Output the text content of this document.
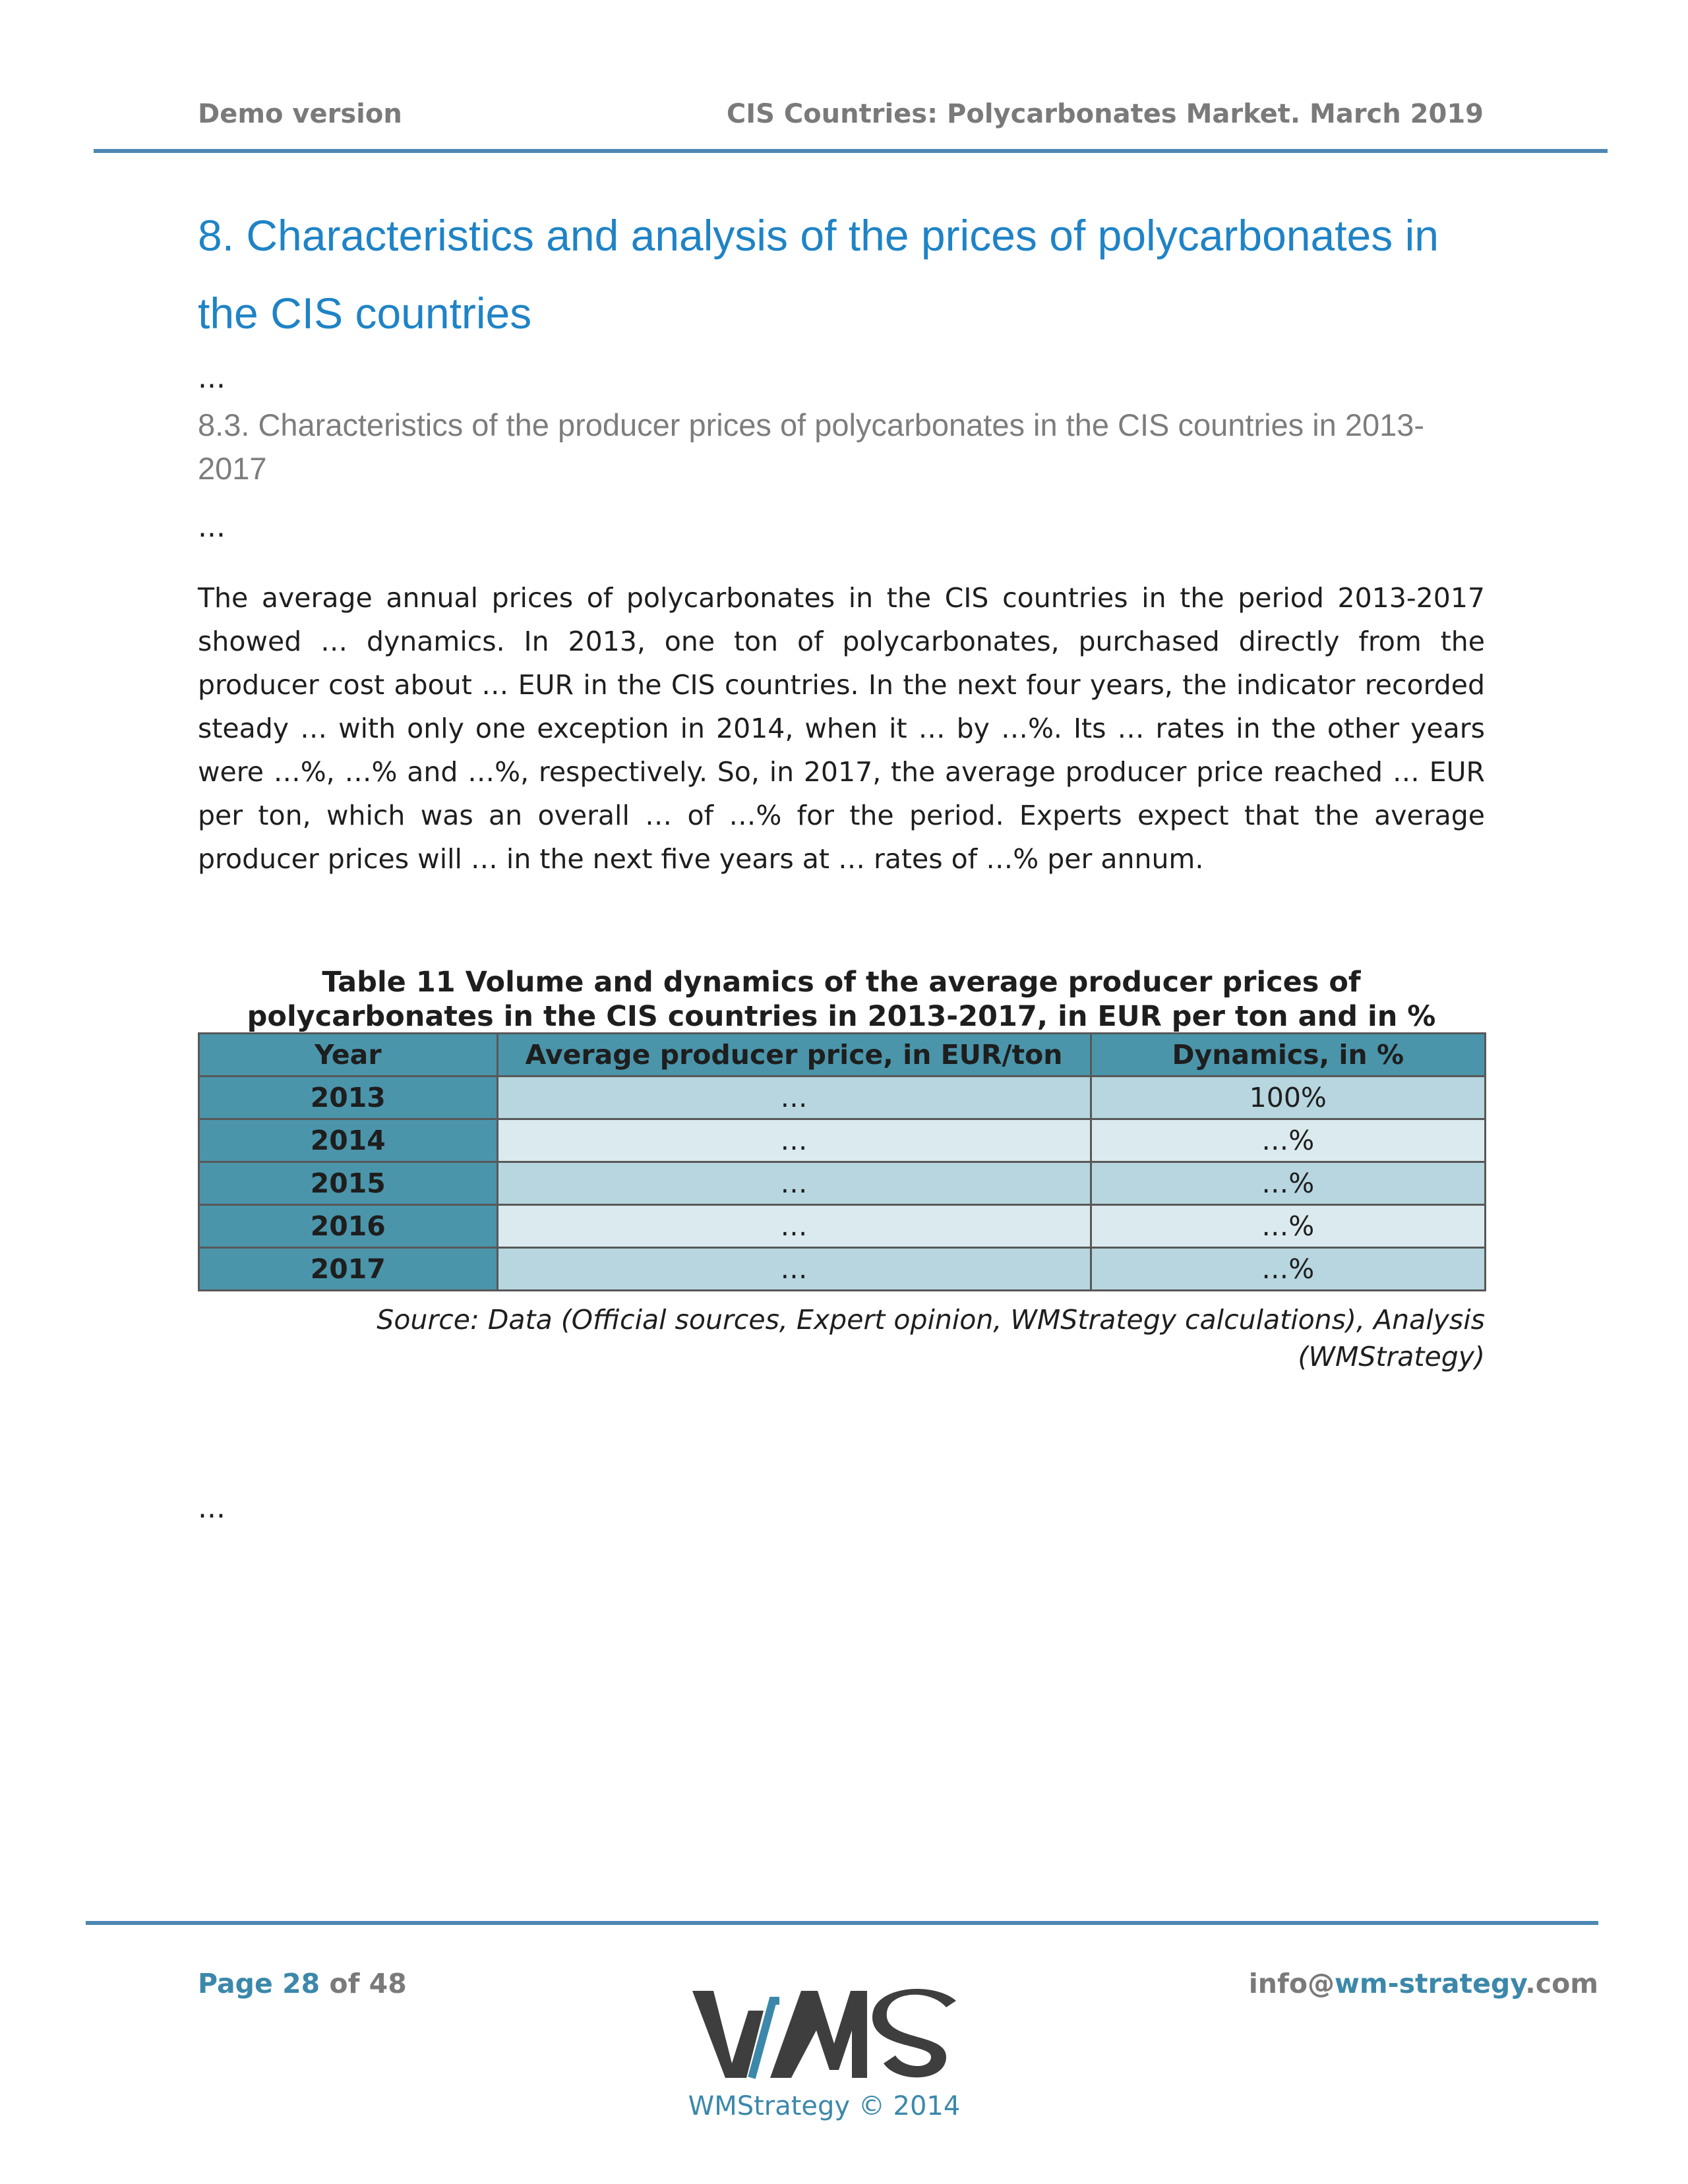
Demo version	CIS Countries: Polycarbonates Market. March 2019
8. Characteristics and analysis of the prices of polycarbonates in the CIS countries
...
8.3. Characteristics of the producer prices of polycarbonates in the CIS countries in 2013-2017
...

The average annual prices of polycarbonates in the CIS countries in the period 2013-2017 showed … dynamics. In 2013, one ton of polycarbonates, purchased directly from the producer cost about … EUR in the CIS countries. In the next four years, the indicator recorded steady … with only one exception in 2014, when it … by …%. Its … rates in the other years were …%, …% and …%, respectively. So, in 2017, the average producer price reached … EUR per ton, which was an overall … of …% for the period. Experts expect that the average producer prices will … in the next five years at … rates of …% per annum.

Table 11 Volume and dynamics of the average producer prices of polycarbonates in the CIS countries in 2013-2017, in EUR per ton and in %
Year	Average producer price, in EUR/ton	Dynamics, in %
2013	…	100%
2014	…	…%
2015	…	…%
2016	…	…%
2017	…	…%
Source: Data (Official sources, Expert opinion, WMStrategy calculations), Analysis (WMStrategy)
...
Page 28 of 48	info@wm-strategy.com
WMStrategy © 2014
